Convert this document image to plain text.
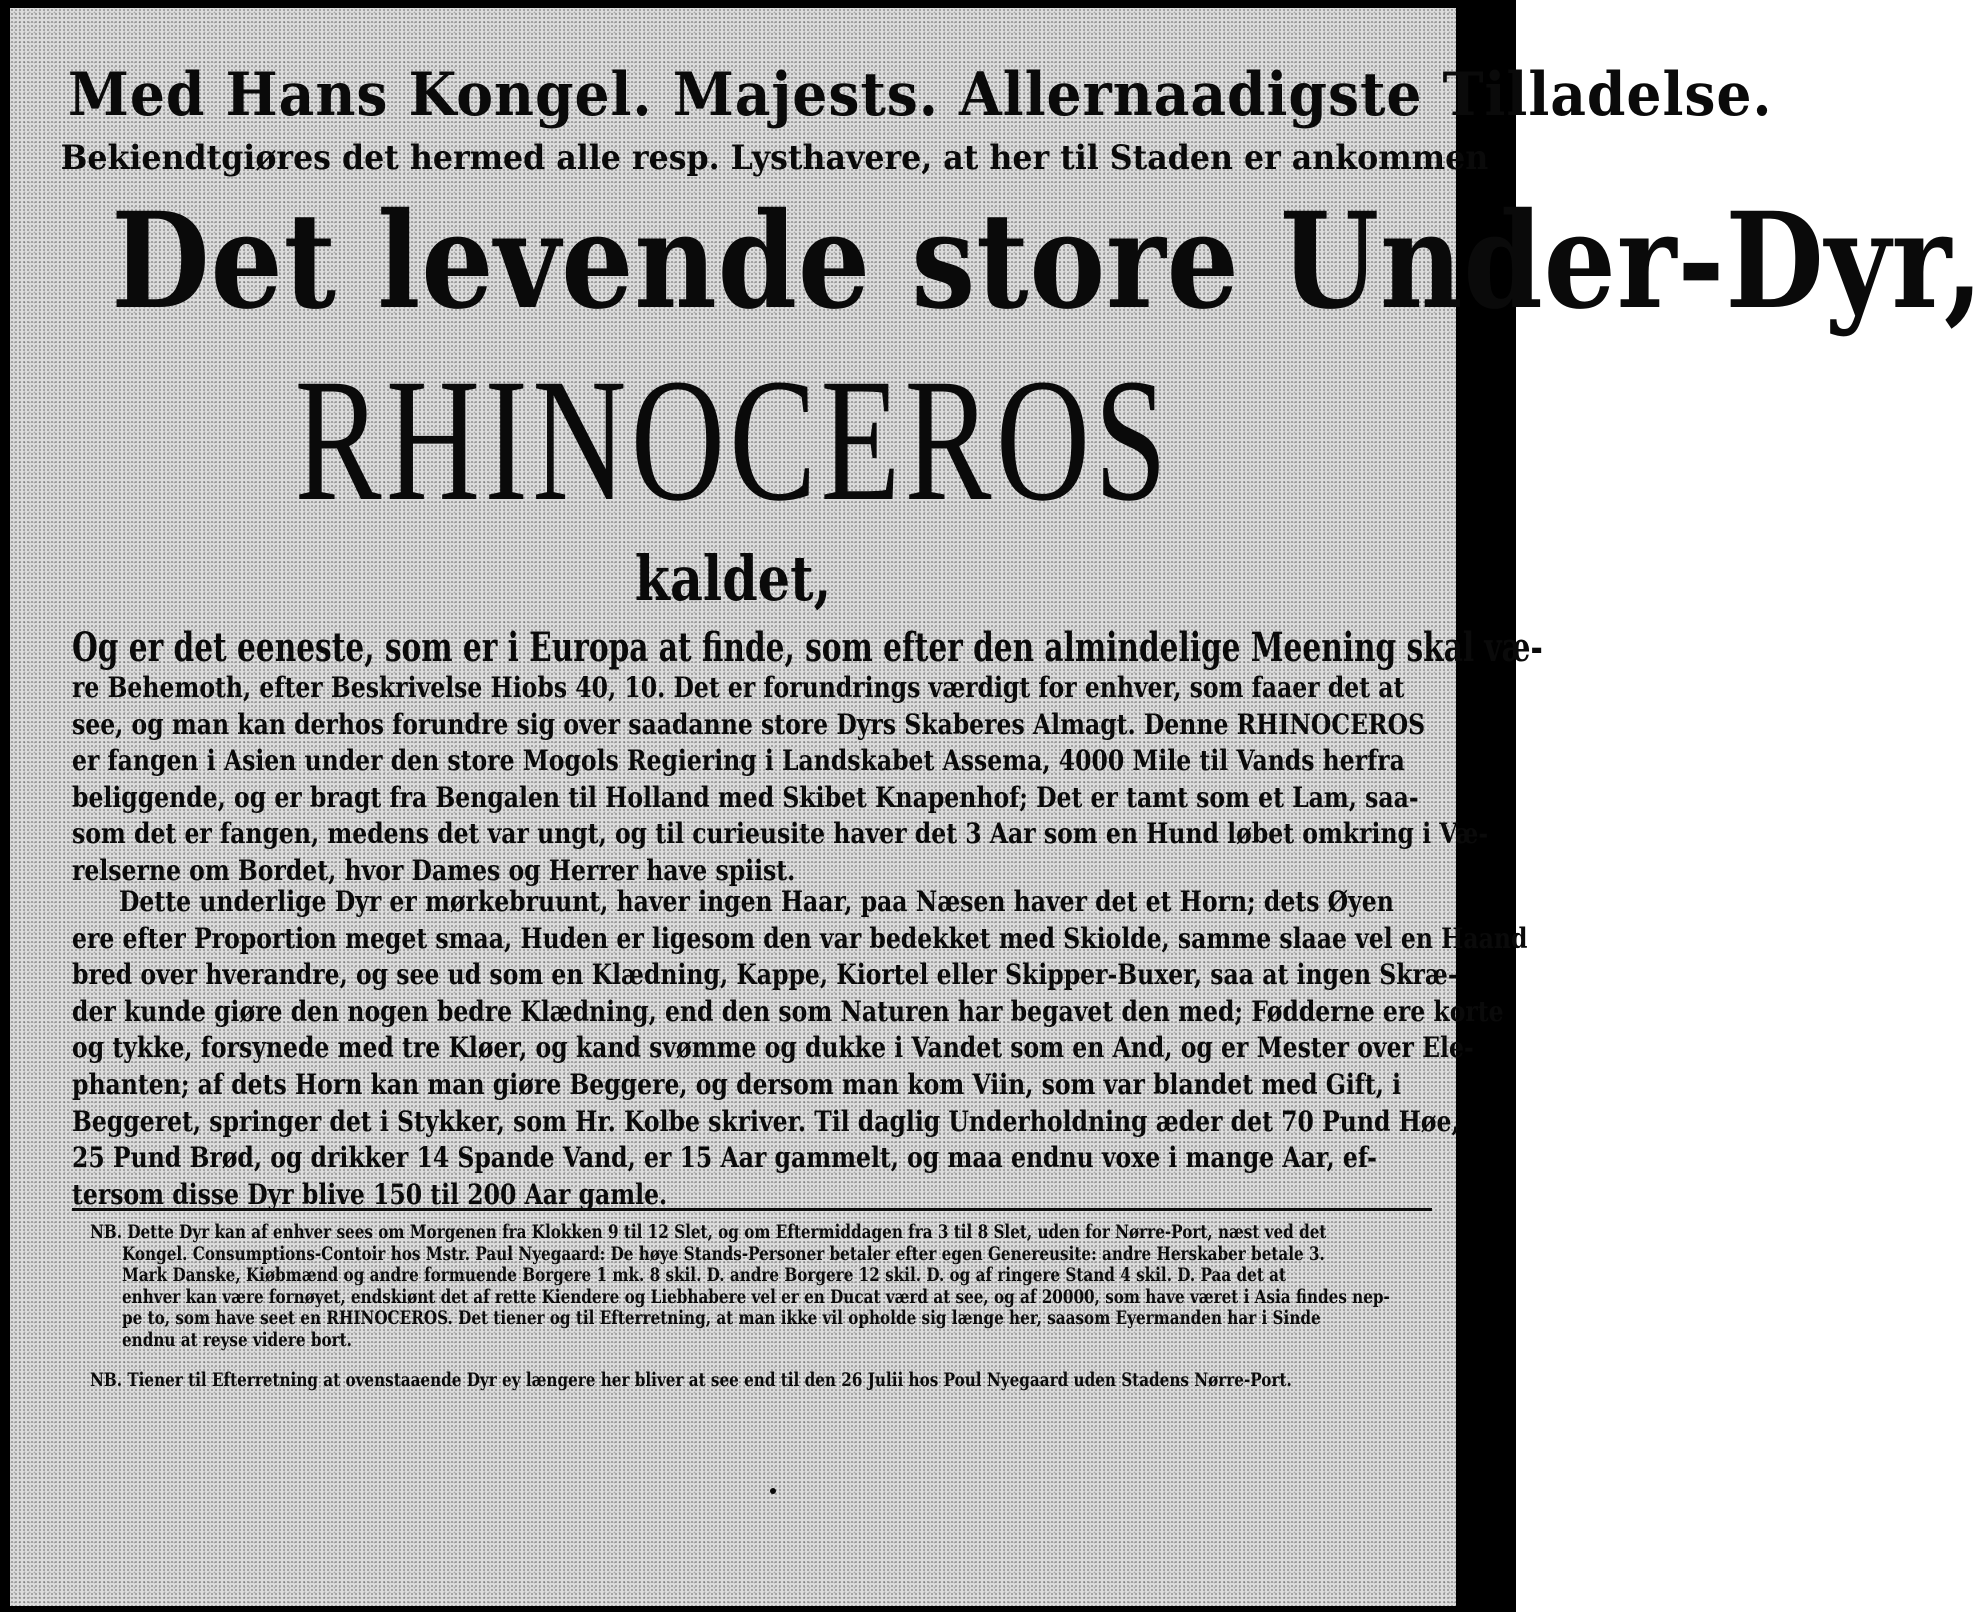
Med Hans Kongel. Majests. Allernaadigste Tilladelse.
Bekiendtgiøres det hermed alle resp. Lysthavere, at her til Staden er ankommen
Det levende store Under-Dyr,
RHINOCEROS
kaldet,
Og er det eeneste, som er i Europa at finde, som efter den almindelige Meening skal væ-
re Behemoth, efter Beskrivelse Hiobs 40, 10. Det er forundrings værdigt for enhver, som faaer det at
see, og man kan derhos forundre sig over saadanne store Dyrs Skaberes Almagt. Denne RHINOCEROS
er fangen i Asien under den store Mogols Regiering i Landskabet Assema, 4000 Mile til Vands herfra
beliggende, og er bragt fra Bengalen til Holland med Skibet Knapenhof; Det er tamt som et Lam, saa-
som det er fangen, medens det var ungt, og til curieusite haver det 3 Aar som en Hund løbet omkring i Væ-
relserne om Bordet, hvor Dames og Herrer have spiist.
Dette underlige Dyr er mørkebruunt, haver ingen Haar, paa Næsen haver det et Horn; dets Øyen
ere efter Proportion meget smaa, Huden er ligesom den var bedekket med Skiolde, samme slaae vel en Haand
bred over hverandre, og see ud som en Klædning, Kappe, Kiortel eller Skipper-Buxer, saa at ingen Skræ-
der kunde giøre den nogen bedre Klædning, end den som Naturen har begavet den med; Fødderne ere korte
og tykke, forsynede med tre Kløer, og kand svømme og dukke i Vandet som en And, og er Mester over Ele-
phanten; af dets Horn kan man giøre Beggere, og dersom man kom Viin, som var blandet med Gift, i
Beggeret, springer det i Stykker, som Hr. Kolbe skriver. Til daglig Underholdning æder det 70 Pund Høe,
25 Pund Brød, og drikker 14 Spande Vand, er 15 Aar gammelt, og maa endnu voxe i mange Aar, ef-
tersom disse Dyr blive 150 til 200 Aar gamle.
NB. Dette Dyr kan af enhver sees om Morgenen fra Klokken 9 til 12 Slet, og om Eftermiddagen fra 3 til 8 Slet, uden for Nørre-Port, næst ved det
Kongel. Consumptions-Contoir hos Mstr. Paul Nyegaard: De høye Stands-Personer betaler efter egen Genereusite: andre Herskaber betale 3.
Mark Danske, Kiøbmænd og andre formuende Borgere 1 mk. 8 skil. D. andre Borgere 12 skil. D. og af ringere Stand 4 skil. D. Paa det at
enhver kan være fornøyet, endskiønt det af rette Kiendere og Liebhabere vel er en Ducat værd at see, og af 20000, som have været i Asia findes nep-
pe to, som have seet en RHINOCEROS. Det tiener og til Efterretning, at man ikke vil opholde sig længe her, saasom Eyermanden har i Sinde
endnu at reyse videre bort.
NB. Tiener til Efterretning at ovenstaaende Dyr ey længere her bliver at see end til den 26 Julii hos Poul Nyegaard uden Stadens Nørre-Port.
